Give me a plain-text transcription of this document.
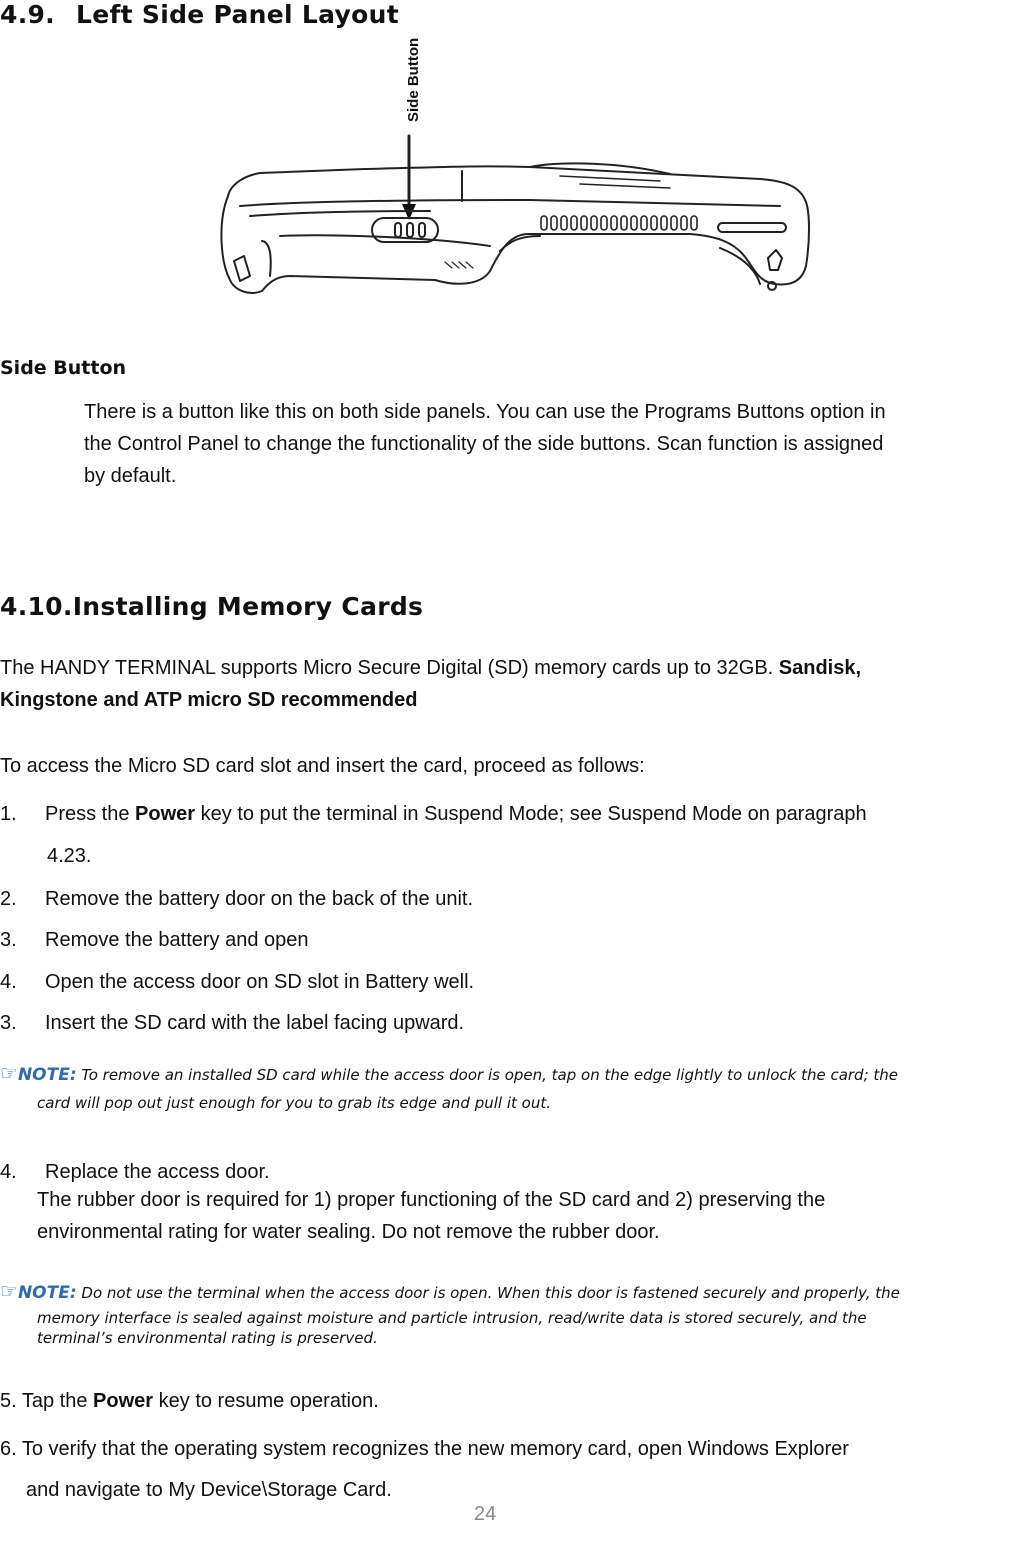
4.9. Left Side Panel Layout
Side Button
Side Button
There is a button like this on both side panels. You can use the Programs Buttons option in
the Control Panel to change the functionality of the side buttons. Scan function is assigned
by default.
4.10.Installing Memory Cards
The HANDY TERMINAL supports Micro Secure Digital (SD) memory cards up to 32GB. Sandisk,
Kingstone and ATP micro SD recommended
To access the Micro SD card slot and insert the card, proceed as follows:
1. Press the Power key to put the terminal in Suspend Mode; see Suspend Mode on paragraph
4.23.
2. Remove the battery door on the back of the unit.
3. Remove the battery and open
4. Open the access door on SD slot in Battery well.
3. Insert the SD card with the label facing upward.
☞NOTE: To remove an installed SD card while the access door is open, tap on the edge lightly to unlock the card; the
card will pop out just enough for you to grab its edge and pull it out.
4. Replace the access door.
The rubber door is required for 1) proper functioning of the SD card and 2) preserving the
environmental rating for water sealing. Do not remove the rubber door.
☞NOTE: Do not use the terminal when the access door is open. When this door is fastened securely and properly, the
memory interface is sealed against moisture and particle intrusion, read/write data is stored securely, and the
terminal’s environmental rating is preserved.
5. Tap the Power key to resume operation.
6. To verify that the operating system recognizes the new memory card, open Windows Explorer
and navigate to My Device\Storage Card.
24
